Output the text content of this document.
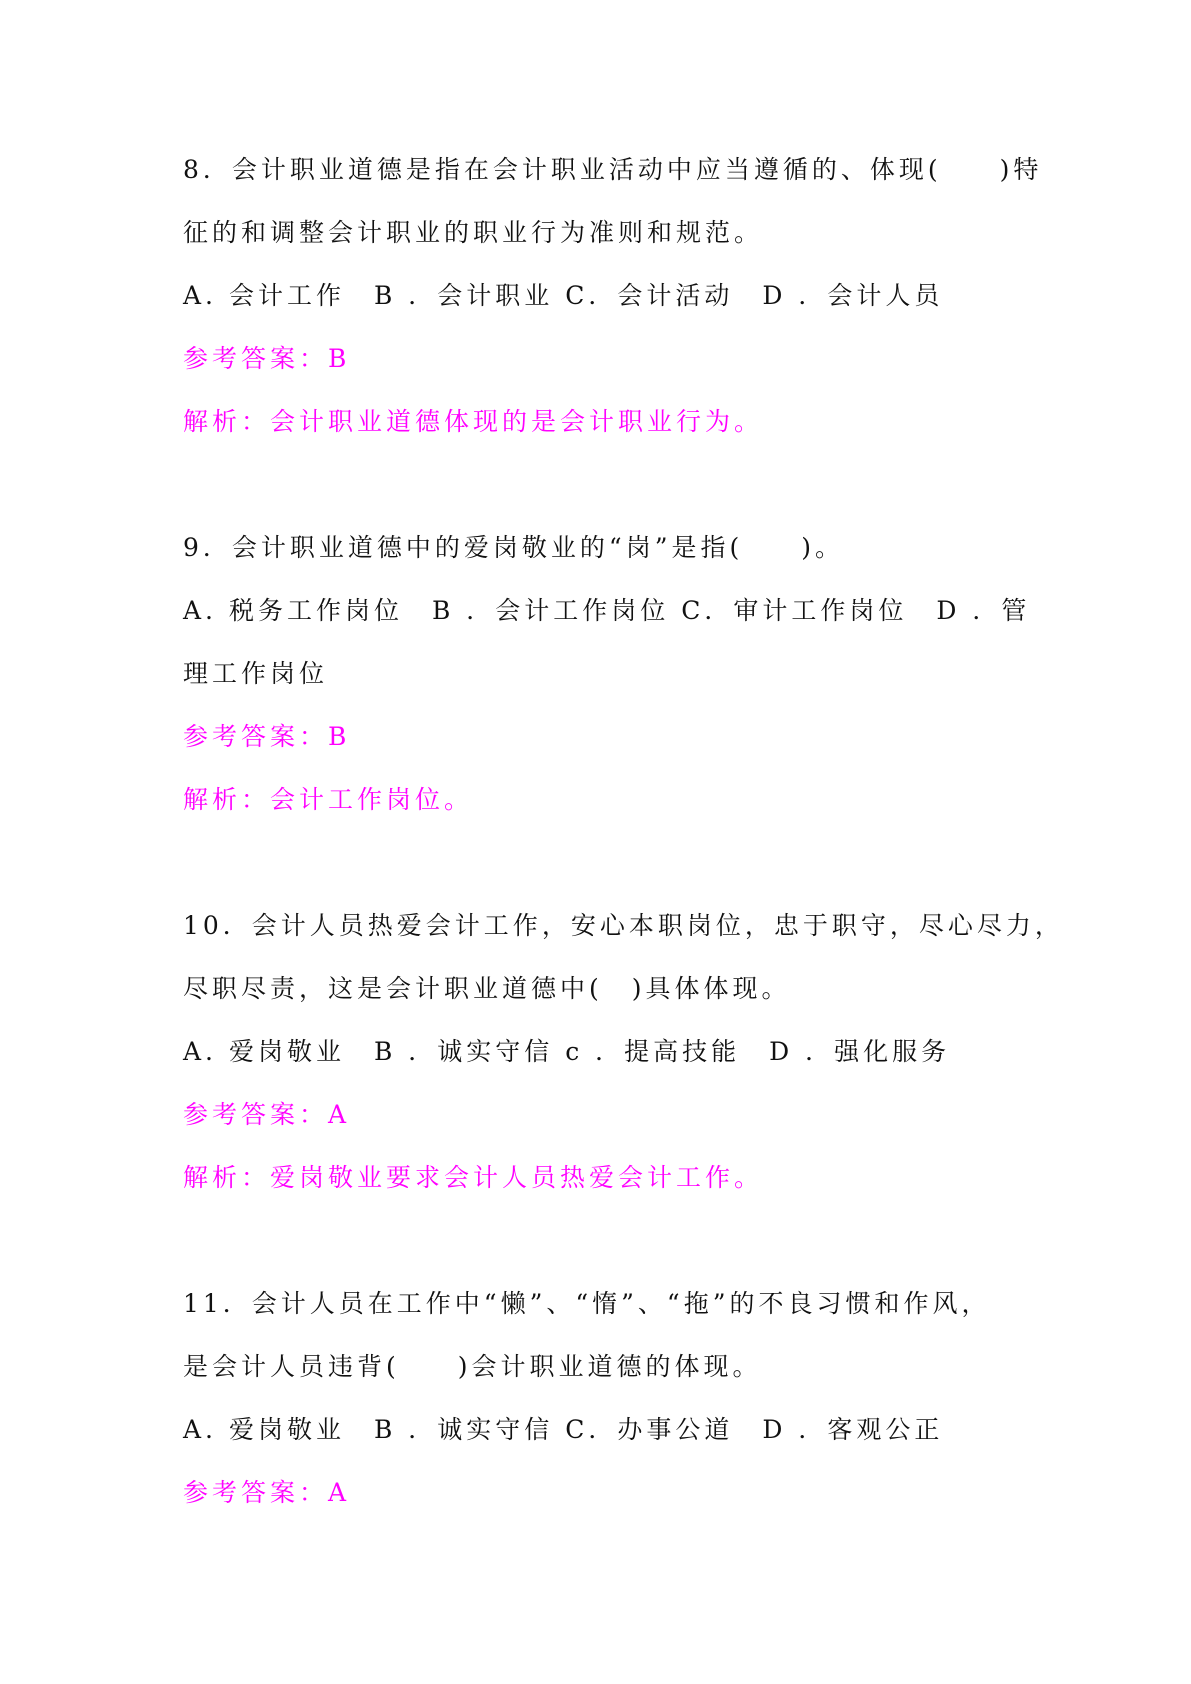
8．会计职业道德是指在会计职业活动中应当遵循的、体现(　　)特
征的和调整会计职业的职业行为准则和规范。
A. 会计工作　B ．会计职业 C．会计活动　D ．会计人员
参考答案：B
解析：会计职业道德体现的是会计职业行为。
9．会计职业道德中的爱岗敬业的“岗”是指(　　)。
A. 税务工作岗位　B ．会计工作岗位 C．审计工作岗位　D ．管
理工作岗位
参考答案：B
解析：会计工作岗位。
10．会计人员热爱会计工作，安心本职岗位，忠于职守，尽心尽力，
尽职尽责，这是会计职业道德中(　)具体体现。
A. 爱岗敬业　B ．诚实守信 c ．提高技能　D ．强化服务
参考答案：A
解析：爱岗敬业要求会计人员热爱会计工作。
11．会计人员在工作中“懒”、“惰”、“拖”的不良习惯和作风，
是会计人员违背(　　)会计职业道德的体现。
A. 爱岗敬业　B ．诚实守信 C．办事公道　D ．客观公正
参考答案：A
